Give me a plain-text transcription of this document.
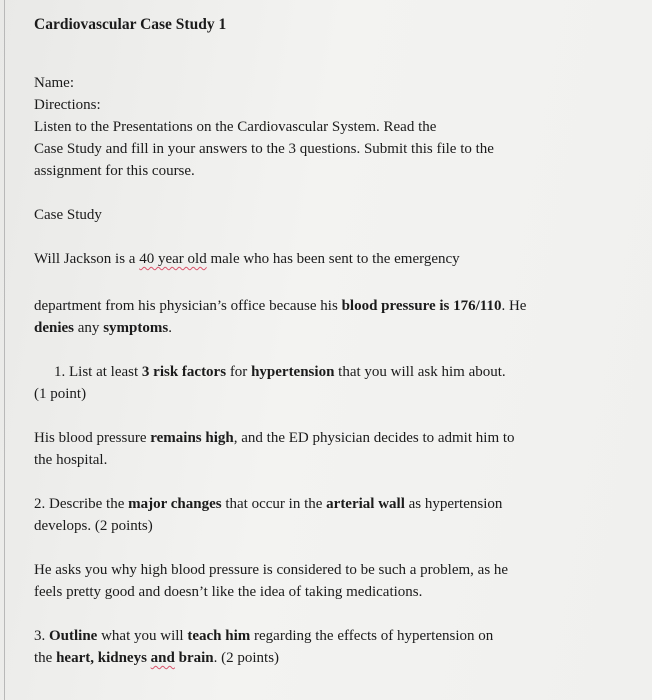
Cardiovascular Case Study 1

Name:

Directions:

Listen to the Presentations on the Cardiovascular System. Read the

Case Study and fill in your answers to the 3 questions. Submit this file to the

assignment for this course.

Case Study

Will Jackson is a 40 year old male who has been sent to the emergency

department from his physician’s office because his blood pressure is 176/110. He

denies any symptoms.

1. List at least 3 risk factors for hypertension that you will ask him about.

(1 point)

His blood pressure remains high, and the ED physician decides to admit him to

the hospital.

2. Describe the major changes that occur in the arterial wall as hypertension

develops. (2 points)

He asks you why high blood pressure is considered to be such a problem, as he

feels pretty good and doesn’t like the idea of taking medications.

3. Outline what you will teach him regarding the effects of hypertension on

the heart, kidneys and brain. (2 points)
